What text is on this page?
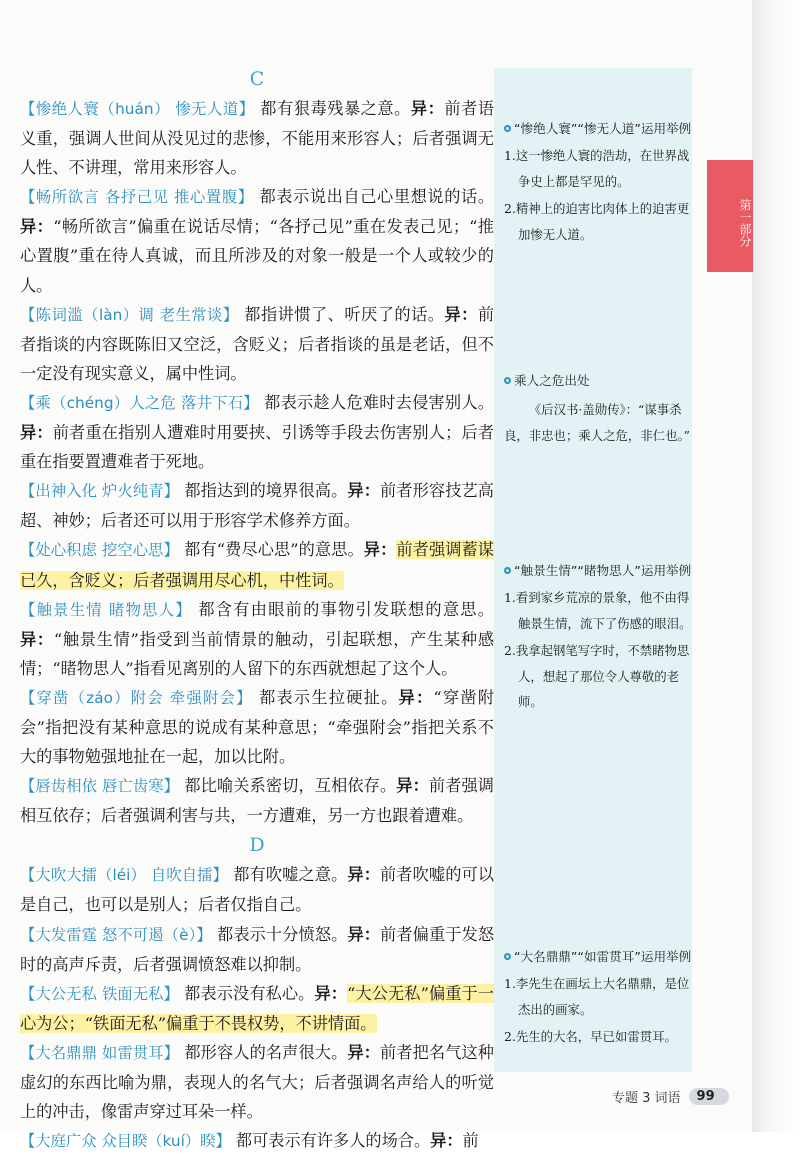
C

【惨绝人寰（huán） 惨无人道】 都有狠毒残暴之意。异：前者语义重，强调人世间从没见过的悲惨，不能用来形容人；后者强调无人性、不讲理，常用来形容人。

【畅所欲言 各抒己见 推心置腹】 都表示说出自己心里想说的话。异：“畅所欲言”偏重在说话尽情；“各抒己见”重在发表己见；“推心置腹”重在待人真诚，而且所涉及的对象一般是一个人或较少的人。

【陈词滥（làn）调 老生常谈】 都指讲惯了、听厌了的话。异：前者指谈的内容既陈旧又空泛，含贬义；后者指谈的虽是老话，但不一定没有现实意义，属中性词。

【乘（chéng）人之危 落井下石】 都表示趁人危难时去侵害别人。异：前者重在指别人遭难时用要挟、引诱等手段去伤害别人；后者重在指要置遭难者于死地。

【出神入化 炉火纯青】 都指达到的境界很高。异：前者形容技艺高超、神妙；后者还可以用于形容学术修养方面。

【处心积虑 挖空心思】 都有“费尽心思”的意思。异：前者强调蓄谋已久，含贬义；后者强调用尽心机，中性词。

【触景生情 睹物思人】 都含有由眼前的事物引发联想的意思。异：“触景生情”指受到当前情景的触动，引起联想，产生某种感情；“睹物思人”指看见离别的人留下的东西就想起了这个人。

【穿凿（záo）附会 牵强附会】 都表示生拉硬扯。异：“穿凿附会”指把没有某种意思的说成有某种意思；“牵强附会”指把关系不大的事物勉强地扯在一起，加以比附。

【唇齿相依 唇亡齿寒】 都比喻关系密切，互相依存。异：前者强调相互依存；后者强调利害与共，一方遭难，另一方也跟着遭难。

D

【大吹大擂（léi） 自吹自擂】 都有吹嘘之意。异：前者吹嘘的可以是自己，也可以是别人；后者仅指自己。

【大发雷霆 怒不可遏（è）】 都表示十分愤怒。异：前者偏重于发怒时的高声斥责，后者强调愤怒难以抑制。

【大公无私 铁面无私】 都表示没有私心。异：“大公无私”偏重于一心为公；“铁面无私”偏重于不畏权势，不讲情面。

【大名鼎鼎 如雷贯耳】 都形容人的名声很大。异：前者把名气这种虚幻的东西比喻为鼎，表现人的名气大；后者强调名声给人的听觉上的冲击，像雷声穿过耳朵一样。

【大庭广众 众目睽（kuí）睽】 都可表示有许多人的场合。异：前

“惨绝人寰”“惨无人道”运用举例
1.这一惨绝人寰的浩劫，在世界战争史上都是罕见的。
2.精神上的迫害比肉体上的迫害更加惨无人道。
乘人之危出处
《后汉书·盖勋传》：“谋事杀良，非忠也；乘人之危，非仁也。”
“触景生情”“睹物思人”运用举例
1.看到家乡荒凉的景象，他不由得触景生情，流下了伤感的眼泪。
2.我拿起钢笔写字时，不禁睹物思人，想起了那位令人尊敬的老师。
“大名鼎鼎”“如雷贯耳”运用举例
1.李先生在画坛上大名鼎鼎，是位杰出的画家。
2.先生的大名，早已如雷贯耳。
第一部分
专题 3 词语	99
